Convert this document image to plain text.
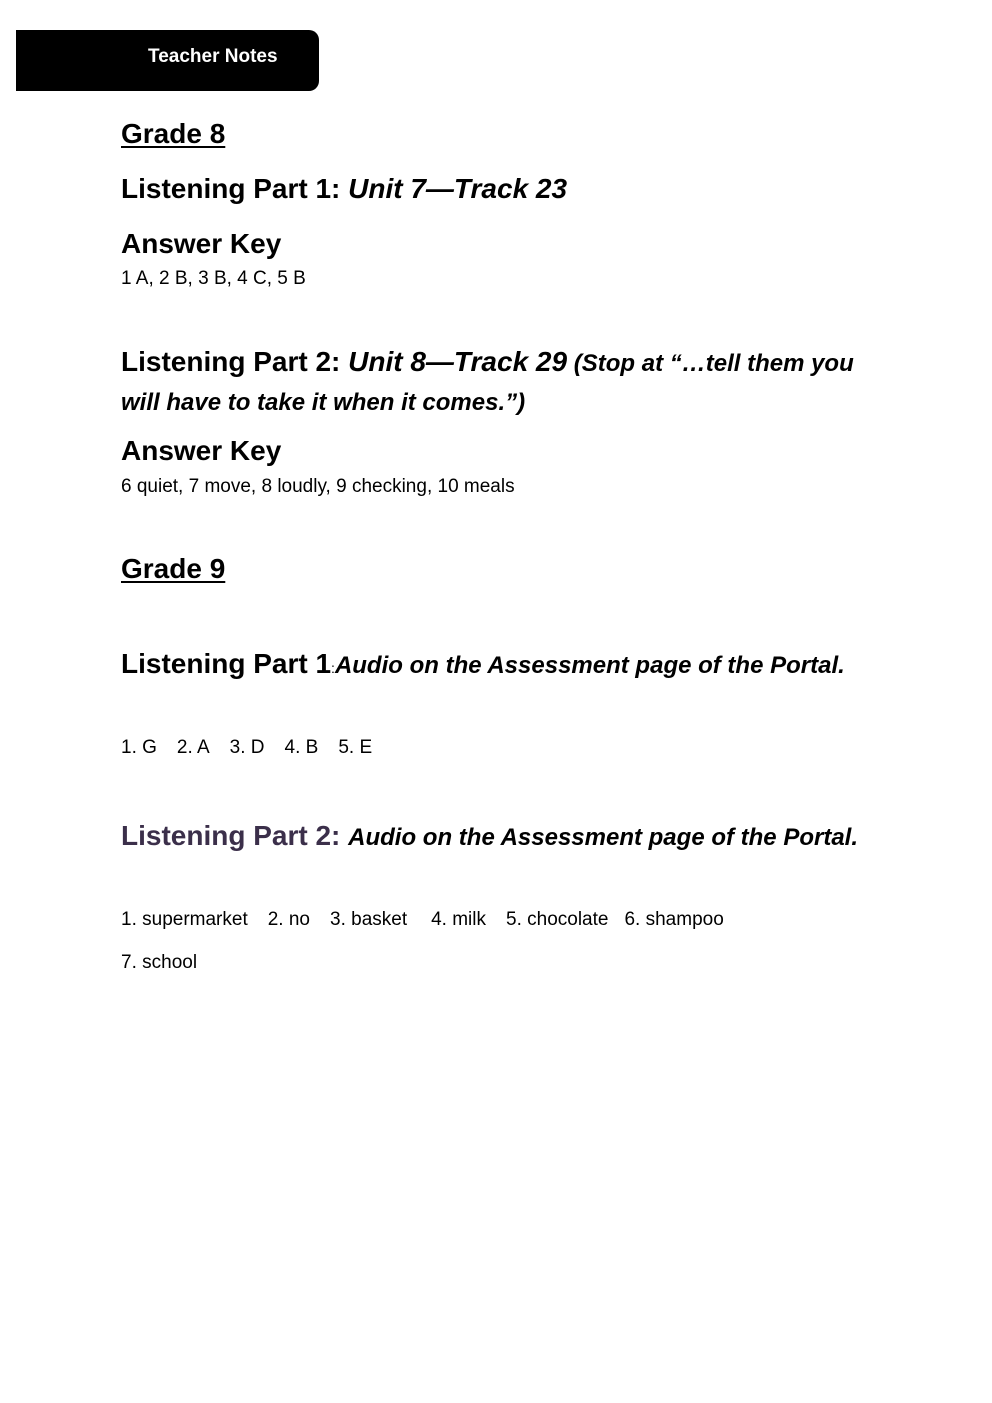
Teacher Notes
Grade 8
Listening Part 1: Unit 7—Track 23
Answer Key
1 A, 2 B, 3 B, 4 C, 5 B
Listening Part 2: Unit 8—Track 29 (Stop at “…tell them you will have to take it when it comes.”)
Answer Key
6 quiet, 7 move, 8 loudly, 9 checking, 10 meals
Grade 9
Listening Part 1:Audio on the Assessment page of the Portal.
1. G 2. A 3. D 4. B 5. E
Listening Part 2: Audio on the Assessment page of the Portal.
1. supermarket 2. no 3. basket 4. milk 5. chocolate 6. shampoo
7. school
